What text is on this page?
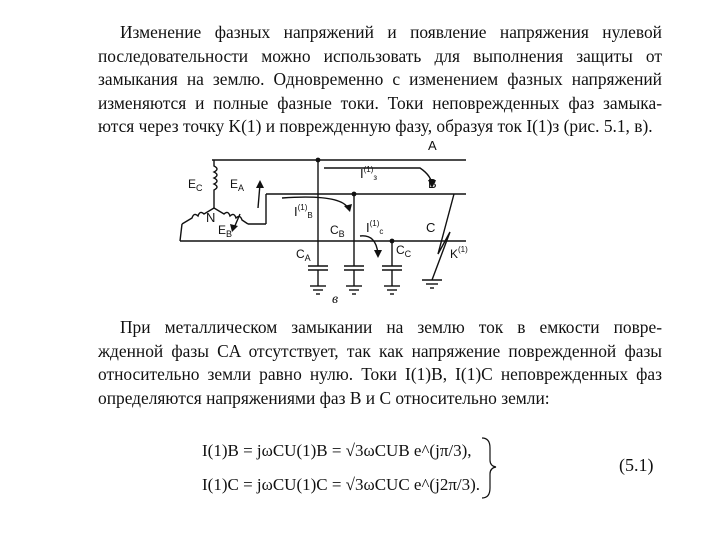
Изменение фазных напряжений и появление напряжения нулевой
последовательности можно использовать для выполнения защиты от
замыкания на землю. Одновременно с изменением фазных напряжений
изменяются и полные фазные токи. Токи неповрежденных фаз замыка-
ются через точку K(1) и поврежденную фазу, образуя ток I(1)з (рис. 5.1, в).
$E_C$ $E_A$
N
$E_B$
A
B
C
$I^{(1)}_з$
$I^{(1)}_B$
$I^{(1)}_c$
$C_B$
$C_A$
$C_C$	$K^{(1)}$
в
При металлическом замыкании на землю ток в емкости повре-
жденной фазы CA отсутствует, так как напряжение поврежденной фазы
относительно земли равно нулю. Токи I(1)B, I(1)C неповрежденных фаз
определяются напряжениями фаз B и C относительно земли:
I(1)B = jωCU(1)B = √3ωCUB e^(jπ/3),
I(1)C = jωCU(1)C = √3ωCUC e^(j2π/3).
(5.1)
